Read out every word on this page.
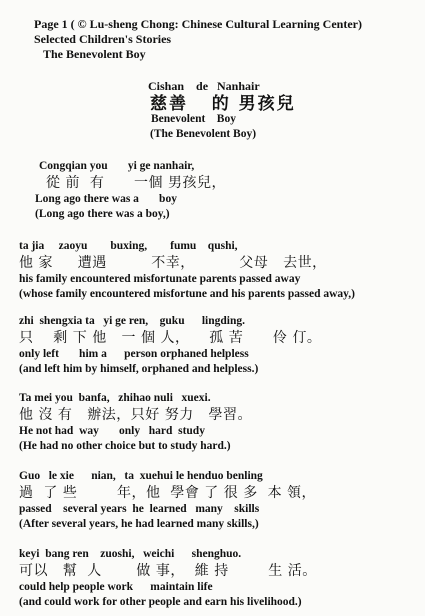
Page 1 ( © Lu-sheng Chong: Chinese Cultural Learning Center)
Selected Children's Stories
The Benevolent Boy
Cishan    de   Nanhair
慈善   的 男孩兒
Benevolent    Boy
(The Benevolent Boy)
Congqian you       yi ge nanhair,
從 前  有      一個 男孩兒，
Long ago there was a       boy
(Long ago there was a boy,)
ta jia     zaoyu        buxing,        fumu    qushi,
他 家     遭遇         不幸，         父母   去世，
his family encountered misfortunate parents passed away
(whose family encountered misfortune and his parents passed away,)
zhi  shengxia ta   yi ge ren,    guku      lingding.
只    剩 下 他   一 個 人，    孤 苦      伶 仃。
only left       him a      person orphaned helpless
(and left him by himself, orphaned and helpless.)
Ta mei you  banfa,   zhihao nuli   xuexi.
他 沒 有   辦法，只好 努力   學習。
He not had  way       only   hard  study
(He had no other choice but to study hard.)
Guo   le xie      nian,   ta  xuehui le henduo benling
過  了 些        年，他  學會 了 很 多  本 領，
passed    several years  he  learned   many    skills
(After several years, he had learned many skills,)
keyi  bang ren    zuoshi,   weichi      shenghuo.
可以   幫  人       做 事，  維 持        生 活。
could help people work      maintain life
(and could work for other people and earn his livelihood.)
